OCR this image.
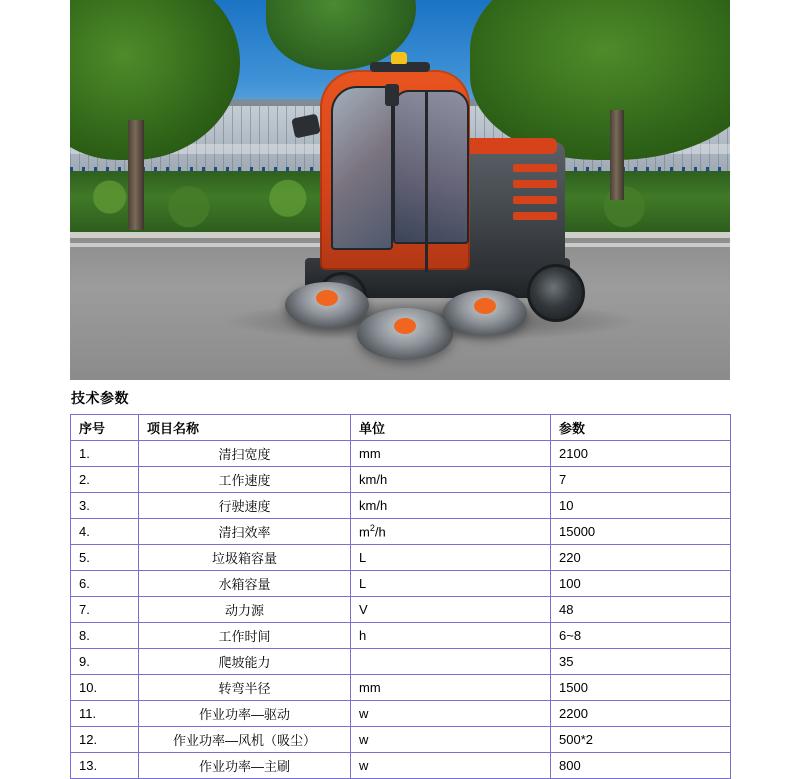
技术参数
序号	项目名称	单位	参数
1.	清扫宽度	mm	2100
2.	工作速度	km/h	7
3.	行驶速度	km/h	10
4.	清扫效率	$m^2/h$	15000
5.	垃圾箱容量	L	220
6.	水箱容量	L	100
7.	动力源	V	48
8.	工作时间	h	6~8
9.	爬坡能力		35
10.	转弯半径	mm	1500
11.	作业功率—驱动	w	2200
12.	作业功率—风机（吸尘）	w	500*2
13.	作业功率—主刷	w	800
